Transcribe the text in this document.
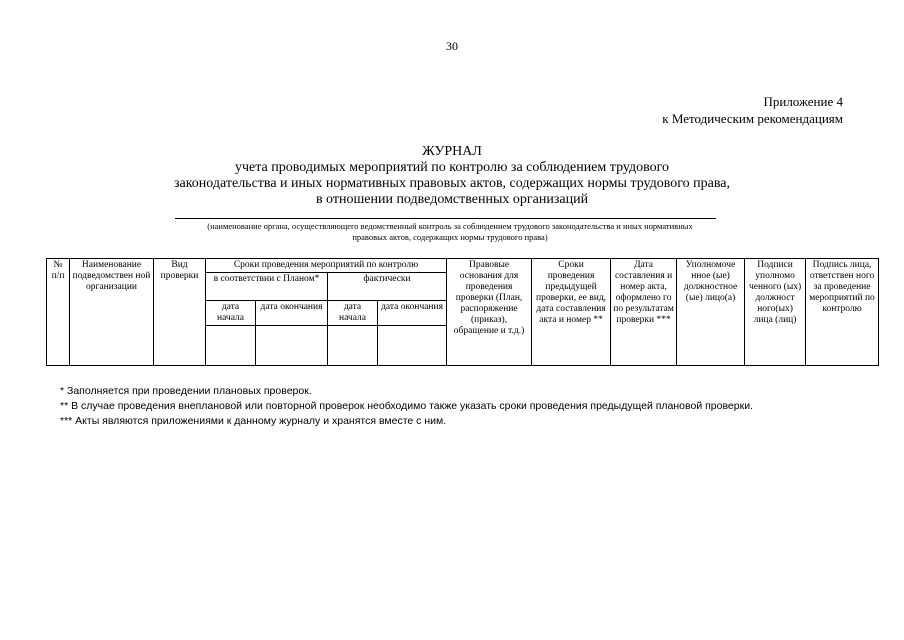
30
Приложение 4
к Методическим рекомендациям
ЖУРНАЛ
учета проводимых мероприятий по контролю за соблюдением трудового
законодательства и иных нормативных правовых актов, содержащих нормы трудового права,
в отношении подведомственных организаций
(наименование органа, осуществляющего ведомственный контроль за соблюдением трудового законодательства и иных нормативных
правовых актов, содержащих нормы трудового права)
№ п/п	Наименование подведомствен ной организации	Вид проверки	Сроки проведения мероприятий по контролю				Правовые основания для проведения проверки (План, распоряжение (приказ), обращение и т.д.)	Сроки проведения предыдущей проверки, ее вид, дата составления акта и номер **	Дата составления и номер акта, оформлено го по результатам проверки ***	Уполномоче нное (ые) должностное (ые) лицо(а)	Подписи уполномо ченного (ых) должност ного(ых) лица (лиц)	Подпись лица, ответствен ного за проведение мероприятий по контролю
			в соответствии с Планом*		фактически							
			дата начала	дата окончания	дата начала	дата окончания						

* Заполняется при проведении плановых проверок.
** В случае проведения внеплановой или повторной проверок необходимо также указать сроки проведения предыдущей плановой проверки.
*** Акты являются приложениями к данному журналу и хранятся вместе с ним.
